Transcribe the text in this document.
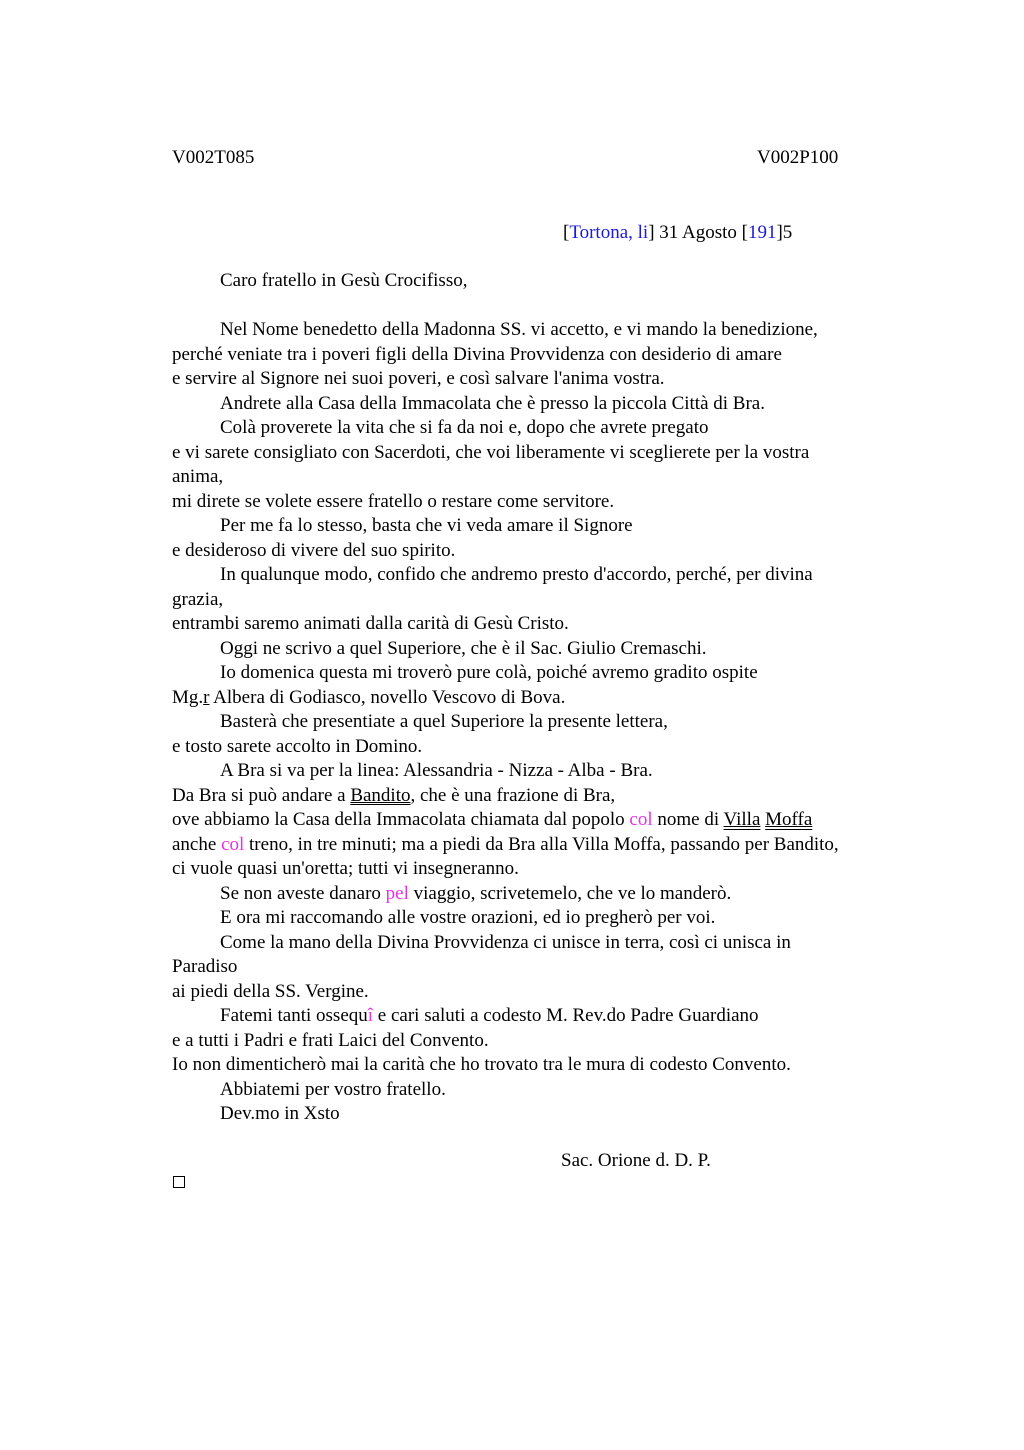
V002T085	V002P100
[Tortona, li] 31 Agosto [191]5
Caro fratello in Gesù Crocifisso,
Nel Nome benedetto della Madonna SS. vi accetto, e vi mando la benedizione,
perché veniate tra i poveri figli della Divina Provvidenza con desiderio di amare
e servire al Signore nei suoi poveri, e così salvare l'anima vostra.
Andrete alla Casa della Immacolata che è presso la piccola Città di Bra.
Colà proverete la vita che si fa da noi e, dopo che avrete pregato
e vi sarete consigliato con Sacerdoti, che voi liberamente vi sceglierete per la vostra
anima,
mi direte se volete essere fratello o restare come servitore.
Per me fa lo stesso, basta che vi veda amare il Signore
e desideroso di vivere del suo spirito.
In qualunque modo, confido che andremo presto d'accordo, perché, per divina
grazia,
entrambi saremo animati dalla carità di Gesù Cristo.
Oggi ne scrivo a quel Superiore, che è il Sac. Giulio Cremaschi.
Io domenica questa mi troverò pure colà, poiché avremo gradito ospite
Mg.r Albera di Godiasco, novello Vescovo di Bova.
Basterà che presentiate a quel Superiore la presente lettera,
e tosto sarete accolto in Domino.
A Bra si va per la linea: Alessandria - Nizza - Alba - Bra.
Da Bra si può andare a Bandito, che è una frazione di Bra,
ove abbiamo la Casa della Immacolata chiamata dal popolo col nome di Villa Moffa
anche col treno, in tre minuti; ma a piedi da Bra alla Villa Moffa, passando per Bandito,
ci vuole quasi un'oretta; tutti vi insegneranno.
Se non aveste danaro pel viaggio, scrivetemelo, che ve lo manderò.
E ora mi raccomando alle vostre orazioni, ed io pregherò per voi.
Come la mano della Divina Provvidenza ci unisce in terra, così ci unisca in
Paradiso
ai piedi della SS. Vergine.
Fatemi tanti ossequî e cari saluti a codesto M. Rev.do Padre Guardiano
e a tutti i Padri e frati Laici del Convento.
Io non dimenticherò mai la carità che ho trovato tra le mura di codesto Convento.
Abbiatemi per vostro fratello.
Dev.mo in Xsto
Sac. Orione d. D. P.
